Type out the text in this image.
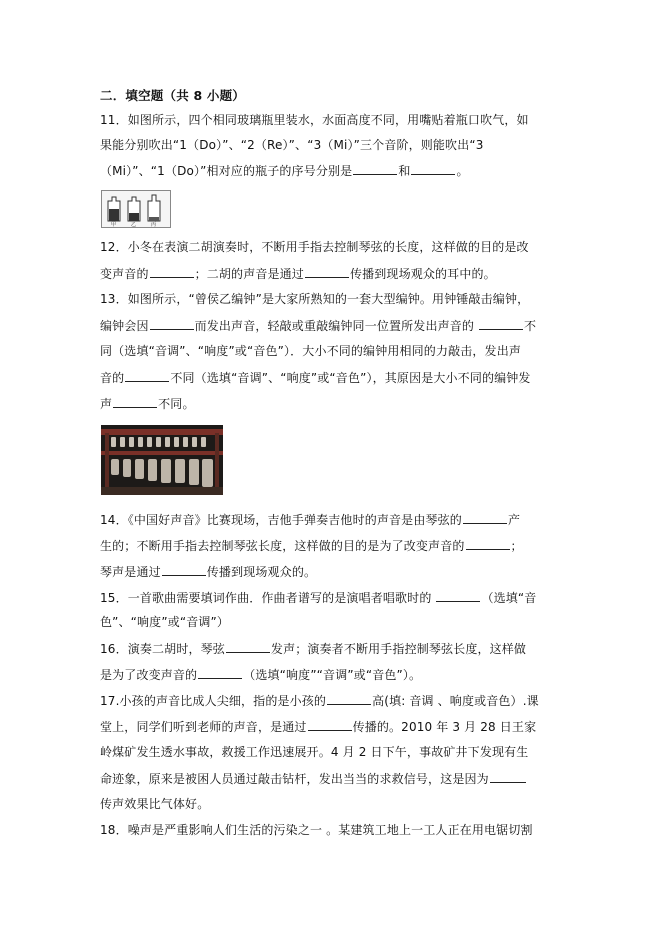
二．填空题（共 8 小题）
11．如图所示，四个相同玻璃瓶里装水，水面高度不同，用嘴贴着瓶口吹气，如
果能分别吹出“1（Do）”、“2（Re）”、“3（Mi）”三个音阶，则能吹出“3
（Mi）”、“1（Do）”相对应的瓶子的序号分别是	和	。
甲	乙	丙
12．小冬在表演二胡演奏时，不断用手指去控制琴弦的长度，这样做的目的是改
变声音的	；二胡的声音是通过	传播到现场观众的耳中的。
13．如图所示，“曾侯乙编钟”是大家所熟知的一套大型编钟。用钟锤敲击编钟，
编钟会因	而发出声音，轻敲或重敲编钟同一位置所发出声音的	不
同（选填“音调”、“响度”或“音色”）．大小不同的编钟用相同的力敲击，发出声
音的	不同（选填“音调”、“响度”或“音色”），其原因是大小不同的编钟发
声	不同。
14．《中国好声音》比赛现场，吉他手弹奏吉他时的声音是由琴弦的	产
生的；不断用手指去控制琴弦长度，这样做的目的是为了改变声音的	；
琴声是通过	传播到现场观众的。
15．一首歌曲需要填词作曲．作曲者谱写的是演唱者唱歌时的	（选填“音
色”、“响度”或“音调”）
16．演奏二胡时，琴弦	发声；演奏者不断用手指控制琴弦长度，这样做
是为了改变声音的	（选填“响度”“音调”或“音色”）。
17.小孩的声音比成人尖细，指的是小孩的	高(填: 音调 、响度或音色）.课
堂上，同学们听到老师的声音，是通过	传播的。2010 年 3 月 28 日王家
岭煤矿发生透水事故，救援工作迅速展开。4 月 2 日下午，事故矿井下发现有生
命迹象，原来是被困人员通过敲击钻杆，发出当当的求救信号，这是因为
传声效果比气体好。
18．噪声是严重影响人们生活的污染之一 。某建筑工地上一工人正在用电锯切割
